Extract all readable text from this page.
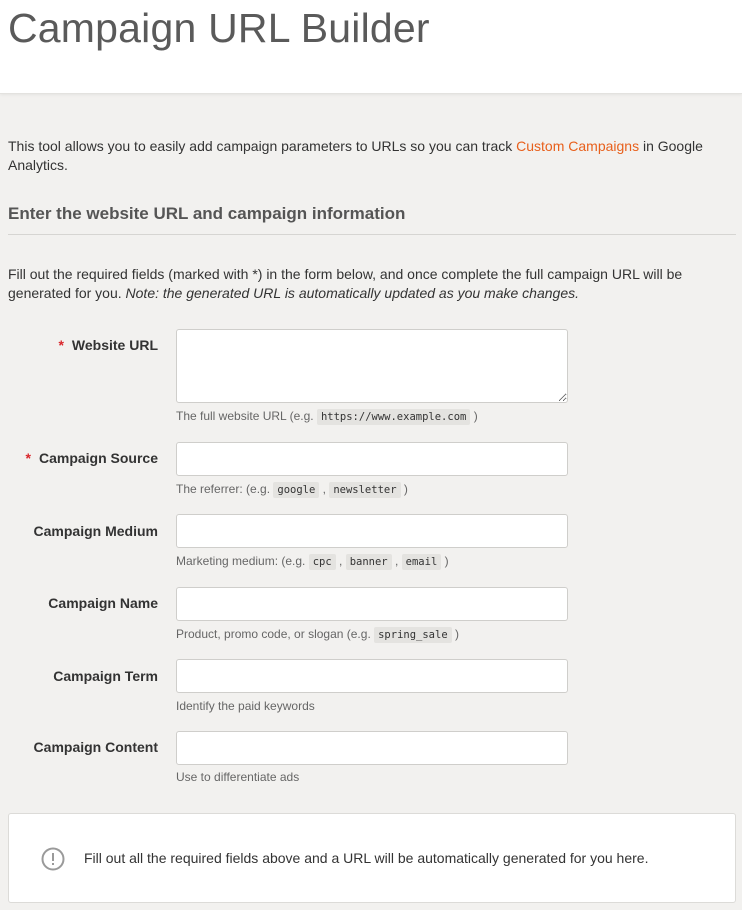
Campaign URL Builder

This tool allows you to easily add campaign parameters to URLs so you can track Custom Campaigns in Google Analytics.

Enter the website URL and campaign information

Fill out the required fields (marked with *) in the form below, and once complete the full campaign URL will be generated for you. Note: the generated URL is automatically updated as you make changes.

* Website URL
The full website URL (e.g. https://www.example.com )
* Campaign Source
The referrer: (e.g. google , newsletter )
Campaign Medium
Marketing medium: (e.g. cpc , banner , email )
Campaign Name
Product, promo code, or slogan (e.g. spring_sale )
Campaign Term
Identify the paid keywords
Campaign Content
Use to differentiate ads
Fill out all the required fields above and a URL will be automatically generated for you here.
